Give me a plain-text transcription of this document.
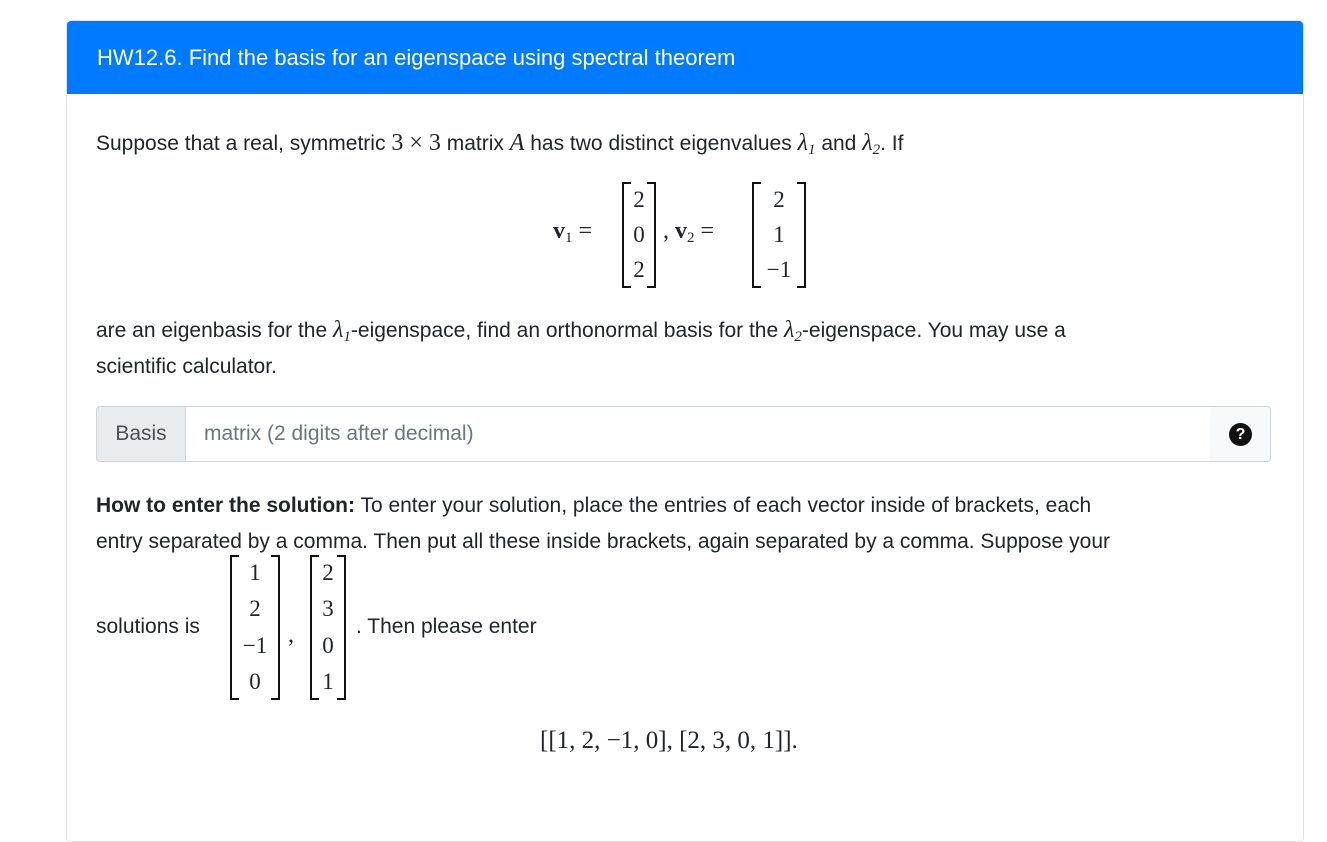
HW12.6. Find the basis for an eigenspace using spectral theorem
Suppose that a real, symmetric 3 × 3 matrix A has two distinct eigenvalues $\lambda_1$ and $\lambda_2$. If
$v_1$ =
2
0
2
, $v_2$ =
2
1
−1
are an eigenbasis for the $\lambda_1$-eigenspace, find an orthonormal basis for the $\lambda_2$-eigenspace. You may use a
scientific calculator.
Basis	matrix (2 digits after decimal)	?
How to enter the solution: To enter your solution, place the entries of each vector inside of brackets, each
entry separated by a comma. Then put all these inside brackets, again separated by a comma. Suppose your
solutions is
1
2
−1
0
,
2
3
0
1
. Then please enter
[[1, 2, −1, 0], [2, 3, 0, 1]].
